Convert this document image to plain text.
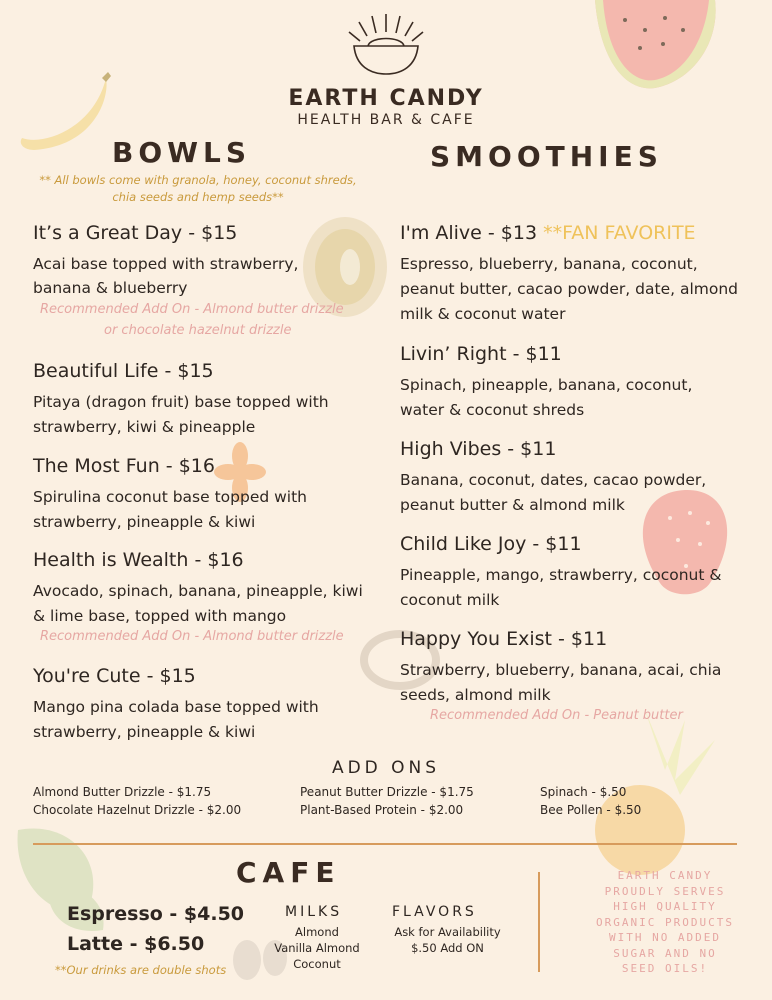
EARTH CANDY
HEALTH BAR & CAFE
BOWLS
** All bowls come with granola, honey, coconut shreds,
chia seeds and hemp seeds**
It’s a Great Day - $15
Acai base topped with strawberry,
banana & blueberry
Recommended Add On - Almond butter drizzle
or chocolate hazelnut drizzle
Beautiful Life - $15
Pitaya (dragon fruit) base topped with
strawberry, kiwi & pineapple
The Most Fun - $16
Spirulina coconut base topped with
strawberry, pineapple & kiwi
Health is Wealth - $16
Avocado, spinach, banana, pineapple, kiwi
& lime base, topped with mango
Recommended Add On - Almond butter drizzle
You're Cute - $15
Mango pina colada base topped with
strawberry, pineapple & kiwi
SMOOTHIES
I'm Alive - $13 **FAN FAVORITE
Espresso, blueberry, banana, coconut,
peanut butter, cacao powder, date, almond
milk & coconut water
Livin’ Right - $11
Spinach, pineapple, banana, coconut,
water & coconut shreds
High Vibes - $11
Banana, coconut, dates, cacao powder,
peanut butter & almond milk
Child Like Joy - $11
Pineapple, mango, strawberry, coconut &
coconut milk
Happy You Exist - $11
Strawberry, blueberry, banana, acai, chia
seeds, almond milk
Recommended Add On - Peanut butter
ADD ONS
Almond Butter Drizzle - $1.75
Chocolate Hazelnut Drizzle - $2.00
Peanut Butter Drizzle - $1.75
Plant-Based Protein - $2.00
Spinach - $.50
Bee Pollen - $.50
CAFE
Espresso - $4.50
Latte - $6.50
**Our drinks are double shots
MILKS
Almond
Vanilla Almond
Coconut
FLAVORS
Ask for Availability
$.50 Add ON
EARTH CANDY
PROUDLY SERVES
HIGH QUALITY
ORGANIC PRODUCTS
WITH NO ADDED
SUGAR AND NO
SEED OILS!
